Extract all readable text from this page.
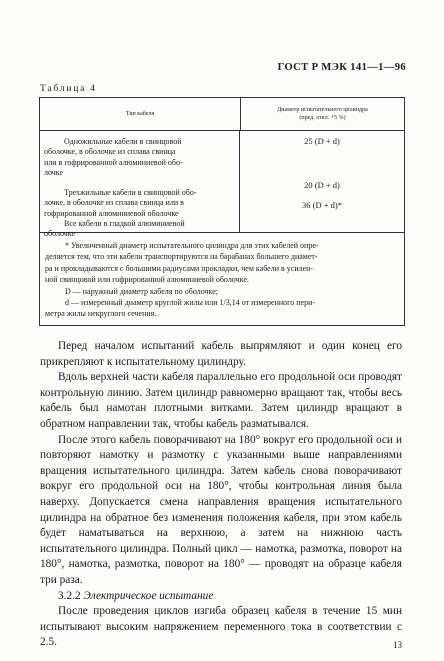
ГОСТ Р МЭК 141—1—96
Таблица 4
Тип кабеля
Диаметр испытательного цилиндра
(пред. откл. +5 %)
Одножильные кабели в свинцовой
оболочке, в оболочке из сплава свинца
или в гофрированной алюминиевой обо-
лочке
Трехжильные кабели в свинцовой обо-
лочке, в оболочке из сплава свинца или в
гофрированной алюминиевой оболочке
Все кабели в гладкой алюминиевой
оболочке
25 (D + d)
20 (D + d)
36 (D + d)*
* Увеличенный диаметр испытательного цилиндра для этих кабелей опре-
деляется тем, что эти кабели транспортируются на барабанах большего диамет-
ра и прокладываются с большими радиусами прокладки, чем кабели в усилен-
ной свинцовой или гофрированной алюминиевой оболочке.
D — наружный диаметр кабеля по оболочке;
d — измеренный диаметр круглой жилы или 1/3,14 от измеренного пери-
метра жилы некруглого сечения.

Перед началом испытаний кабель выпрямляют и один конец его прикрепляют к испытательному цилиндру.

Вдоль верхней части кабеля параллельно его продольной оси проводят контрольную линию. Затем цилиндр равномерно вращают так, чтобы весь кабель был намотан плотными витками. Затем цилиндр вращают в обратном направлении так, чтобы кабель разматывался.

После этого кабель поворачивают на 180° вокруг его продольной оси и повторяют намотку и размотку с указанными выше направлениями вращения испытательного цилиндра. Затем кабель снова поворачивают вокруг его продольной оси на 180°, чтобы контрольная линия была наверху. Допускается смена направления вращения испытательного цилиндра на обратное без изменения положения кабеля, при этом кабель будет наматываться на верхнюю, а затем на нижнюю часть испытательного цилиндра. Полный цикл — намотка, размотка, поворот на 180°, намотка, размотка, поворот на 180° — проводят на образце кабеля три раза.

3.2.2 Электрическое испытание

После проведения циклов изгиба образец кабеля в течение 15 мин испытывают высоким напряжением переменного тока в соответствии с 2.5.	13
